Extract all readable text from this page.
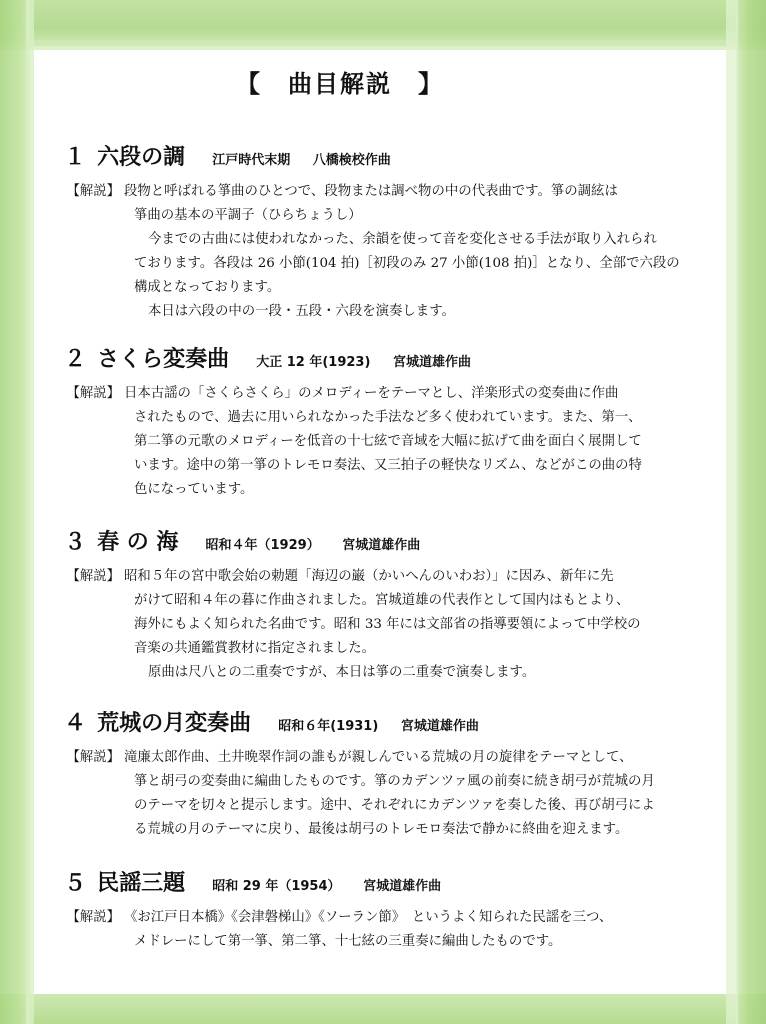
【　曲目解説　】
１ 六段の調 江戸時代末期 八橋検校作曲

【解説】 段物と呼ばれる箏曲のひとつで、段物または調べ物の中の代表曲です。箏の調絃は

箏曲の基本の平調子（ひらちょうし）

今までの古曲には使われなかった、余韻を使って音を変化させる手法が取り入れられ

ております。各段は 26 小節(104 拍)［初段のみ 27 小節(108 拍)］となり、全部で六段の

構成となっております。

本日は六段の中の一段・五段・六段を演奏します。

２ さくら変奏曲 大正 12 年(1923) 宮城道雄作曲

【解説】 日本古謡の「さくらさくら」のメロディーをテーマとし、洋楽形式の変奏曲に作曲

されたもので、過去に用いられなかった手法など多く使われています。また、第一、

第二箏の元歌のメロディーを低音の十七絃で音域を大幅に拡げて曲を面白く展開して

います。途中の第一箏のトレモロ奏法、又三拍子の軽快なリズム、などがこの曲の特

色になっています。

３ 春 の 海 昭和４年（1929） 宮城道雄作曲

【解説】 昭和５年の宮中歌会始の勅題「海辺の巌（かいへんのいわお）」に因み、新年に先

がけて昭和４年の暮に作曲されました。宮城道雄の代表作として国内はもとより、

海外にもよく知られた名曲です。昭和 33 年には文部省の指導要領によって中学校の

音楽の共通鑑賞教材に指定されました。

原曲は尺八との二重奏ですが、本日は箏の二重奏で演奏します。

４ 荒城の月変奏曲 昭和６年(1931) 宮城道雄作曲

【解説】 滝廉太郎作曲、土井晩翠作詞の誰もが親しんでいる荒城の月の旋律をテーマとして、

箏と胡弓の変奏曲に編曲したものです。箏のカデンツァ風の前奏に続き胡弓が荒城の月

のテーマを切々と提示します。途中、それぞれにカデンツァを奏した後、再び胡弓によ

る荒城の月のテーマに戻り、最後は胡弓のトレモロ奏法で静かに終曲を迎えます。

５ 民謡三題 昭和 29 年（1954） 宮城道雄作曲

【解説】 《お江戸日本橋》《会津磐梯山》《ソーラン節》　というよく知られた民謡を三つ、

メドレーにして第一箏、第二箏、十七絃の三重奏に編曲したものです。
